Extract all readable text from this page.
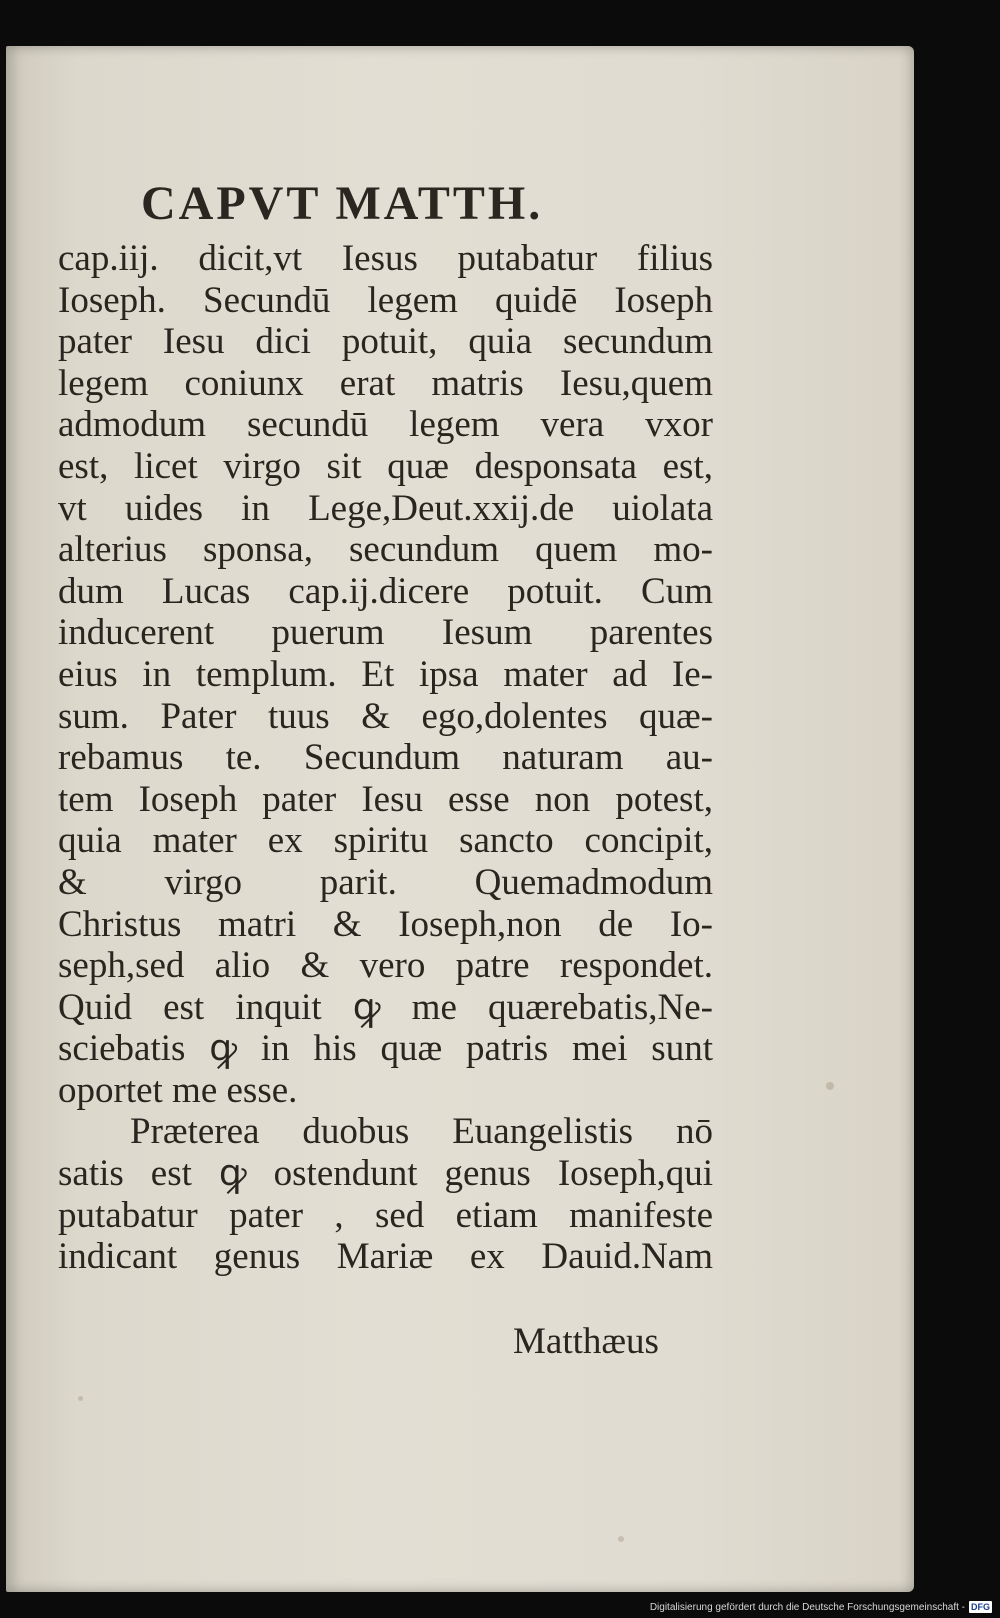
CAPVT MATTH.
cap.iij. dicit,vt Iesus putabatur filius
Ioseph. Secundū legem quidē Ioseph
pater Iesu dici potuit, quia secundum
legem coniunx erat matris Iesu,quem
admodum secundū legem vera vxor
est, licet virgo sit quæ desponsata est,
vt uides in Lege,Deut.xxij.de uiolata
alterius sponsa, secundum quem mo-
dum Lucas cap.ij.dicere potuit. Cum
inducerent puerum Iesum parentes
eius in templum. Et ipsa mater ad Ie-
sum. Pater tuus & ego,dolentes quæ-
rebamus te. Secundum naturam au-
tem Ioseph pater Iesu esse non potest,
quia mater ex spiritu sancto concipit,
& virgo parit. Quemadmodum
Christus matri & Ioseph,non de Io-
seph,sed alio & vero patre respondet.
Quid est inquit ꝙ me quærebatis,Ne-
sciebatis ꝙ in his quæ patris mei sunt
oportet me esse.
Præterea duobus Euangelistis nō
satis est ꝙ ostendunt genus Ioseph,qui
putabatur pater , sed etiam manifeste
indicant genus Mariæ ex Dauid.Nam
Matthæus
Digitalisierung gefördert durch die Deutsche Forschungsgemeinschaft - DFG
